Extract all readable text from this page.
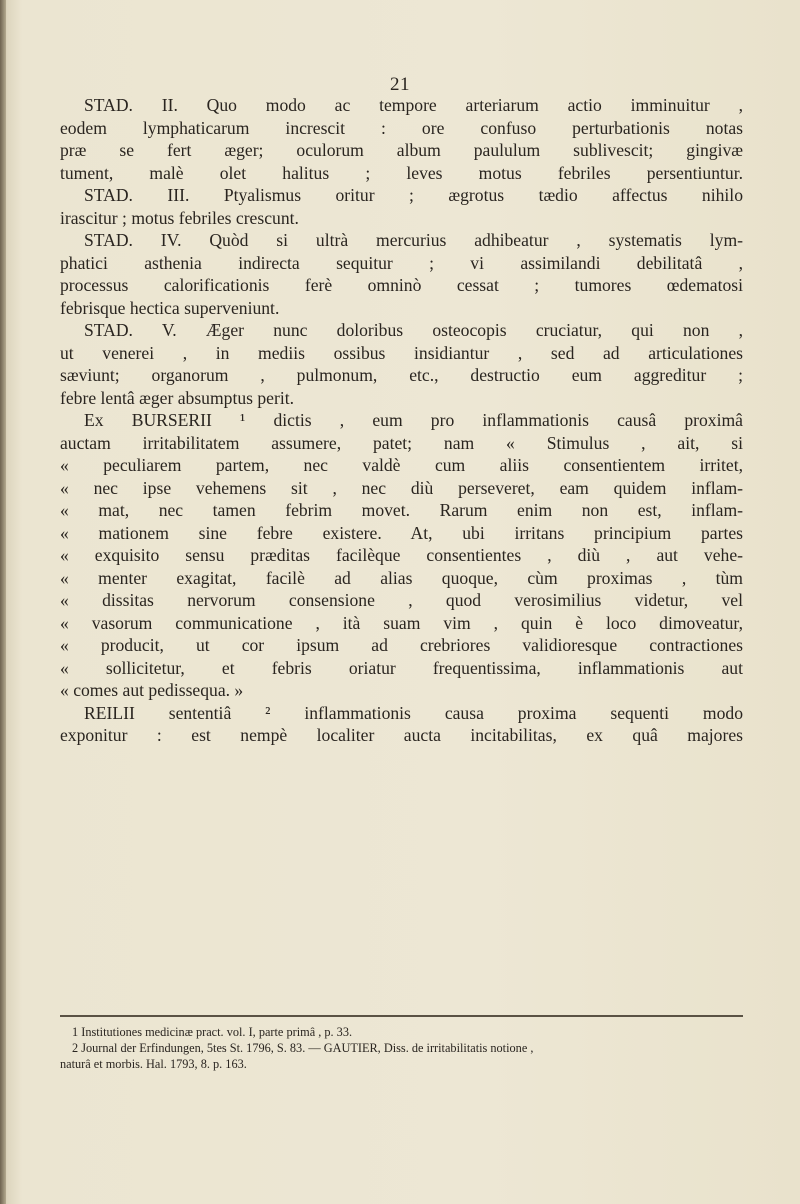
21
STAD. II. Quo modo ac tempore arteriarum actio imminuitur ,
eodem lymphaticarum increscit : ore confuso perturbationis notas
præ se fert æger; oculorum album paululum sublivescit; gingivæ
tument, malè olet halitus ; leves motus febriles persentiuntur.
STAD. III. Ptyalismus oritur ; ægrotus tædio affectus nihilo
irascitur ; motus febriles crescunt.
STAD. IV. Quòd si ultrà mercurius adhibeatur , systematis lym-
phatici asthenia indirecta sequitur ; vi assimilandi debilitatâ ,
processus calorificationis ferè omninò cessat ; tumores œdematosi
febrisque hectica superveniunt.
STAD. V. Æger nunc doloribus osteocopis cruciatur, qui non ,
ut venerei , in mediis ossibus insidiantur , sed ad articulationes
sæviunt; organorum , pulmonum, etc., destructio eum aggreditur ;
febre lentâ æger absumptus perit.
Ex BURSERII ¹ dictis , eum pro inflammationis causâ proximâ
auctam irritabilitatem assumere, patet; nam « Stimulus , ait, si
« peculiarem partem, nec valdè cum aliis consentientem irritet,
« nec ipse vehemens sit , nec diù perseveret, eam quidem inflam-
« mat, nec tamen febrim movet. Rarum enim non est, inflam-
« mationem sine febre existere. At, ubi irritans principium partes
« exquisito sensu præditas facilèque consentientes , diù , aut vehe-
« menter exagitat, facilè ad alias quoque, cùm proximas , tùm
« dissitas nervorum consensione , quod verosimilius videtur, vel
« vasorum communicatione , ità suam vim , quin è loco dimoveatur,
« producit, ut cor ipsum ad crebriores validioresque contractiones
« sollicitetur, et febris oriatur frequentissima, inflammationis aut
« comes aut pedissequa. »
REILII sententiâ ² inflammationis causa proxima sequenti modo
exponitur : est nempè localiter aucta incitabilitas, ex quâ majores
1 Institutiones medicinæ pract. vol. I, parte primâ , p. 33.
2 Journal der Erfindungen, 5tes St. 1796, S. 83. — GAUTIER, Diss. de irritabilitatis notione ,
naturâ et morbis. Hal. 1793, 8. p. 163.
